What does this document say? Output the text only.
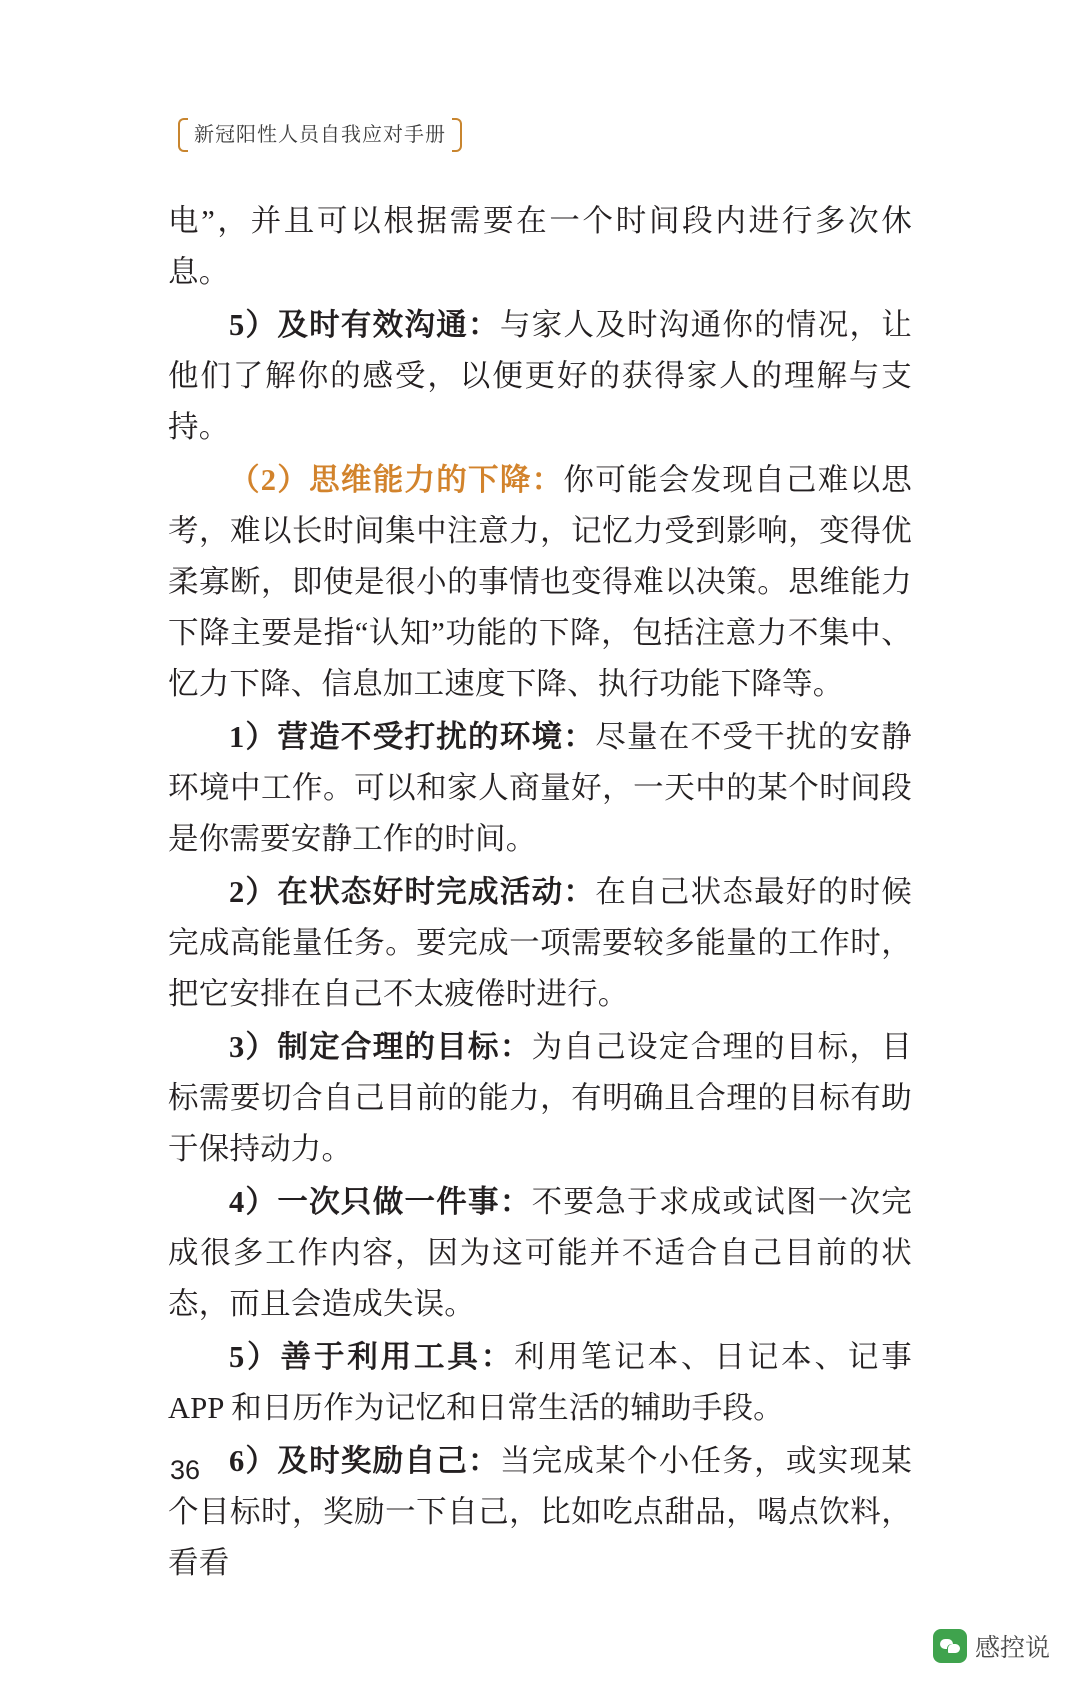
新冠阳性人员自我应对手册

电”，并且可以根据需要在一个时间段内进行多次休息。

5）及时有效沟通：与家人及时沟通你的情况，让他们了解你的感受，以便更好的获得家人的理解与支持。

（2）思维能力的下降：你可能会发现自己难以思考，难以长时间集中注意力，记忆力受到影响，变得优柔寡断，即使是很小的事情也变得难以决策。思维能力下降主要是指“认知”功能的下降，包括注意力不集中、忆力下降、信息加工速度下降、执行功能下降等。

1）营造不受打扰的环境：尽量在不受干扰的安静环境中工作。可以和家人商量好，一天中的某个时间段是你需要安静工作的时间。

2）在状态好时完成活动：在自己状态最好的时候完成高能量任务。要完成一项需要较多能量的工作时，把它安排在自己不太疲倦时进行。

3）制定合理的目标：为自己设定合理的目标，目标需要切合自己目前的能力，有明确且合理的目标有助于保持动力。

4）一次只做一件事：不要急于求成或试图一次完成很多工作内容，因为这可能并不适合自己目前的状态，而且会造成失误。

5）善于利用工具：利用笔记本、日记本、记事 APP 和日历作为记忆和日常生活的辅助手段。

6）及时奖励自己：当完成某个小任务，或实现某个目标时，奖励一下自己，比如吃点甜品，喝点饮料，看看

36
感控说
